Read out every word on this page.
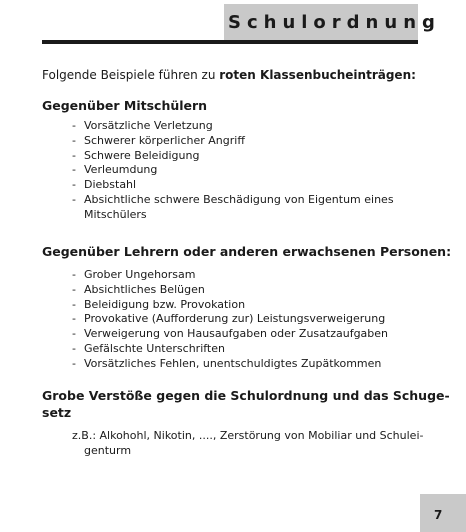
Schulordnung
Folgende Beispiele führen zu roten Klassenbucheinträgen:
Gegenüber Mitschülern
- Vorsätzliche Verletzung
- Schwerer körperlicher Angriff
- Schwere Beleidigung
- Verleumdung
- Diebstahl
- Absichtliche schwere Beschädigung von Eigentum eines Mitschülers
Gegenüber Lehrern oder anderen erwachsenen Personen:
- Grober Ungehorsam
- Absichtliches Belügen
- Beleidigung bzw. Provokation
- Provokative (Aufforderung zur) Leistungsverweigerung
- Verweigerung von Hausaufgaben oder Zusatzaufgaben
- Gefälschte Unterschriften
- Vorsätzliches Fehlen, unentschuldigtes Zupätkommen
Grobe Verstöße gegen die Schulordnung und das Schuge-
setz
z.B.: Alkohohl, Nikotin, ...., Zerstörung von Mobiliar und Schulei-
genturm
7
